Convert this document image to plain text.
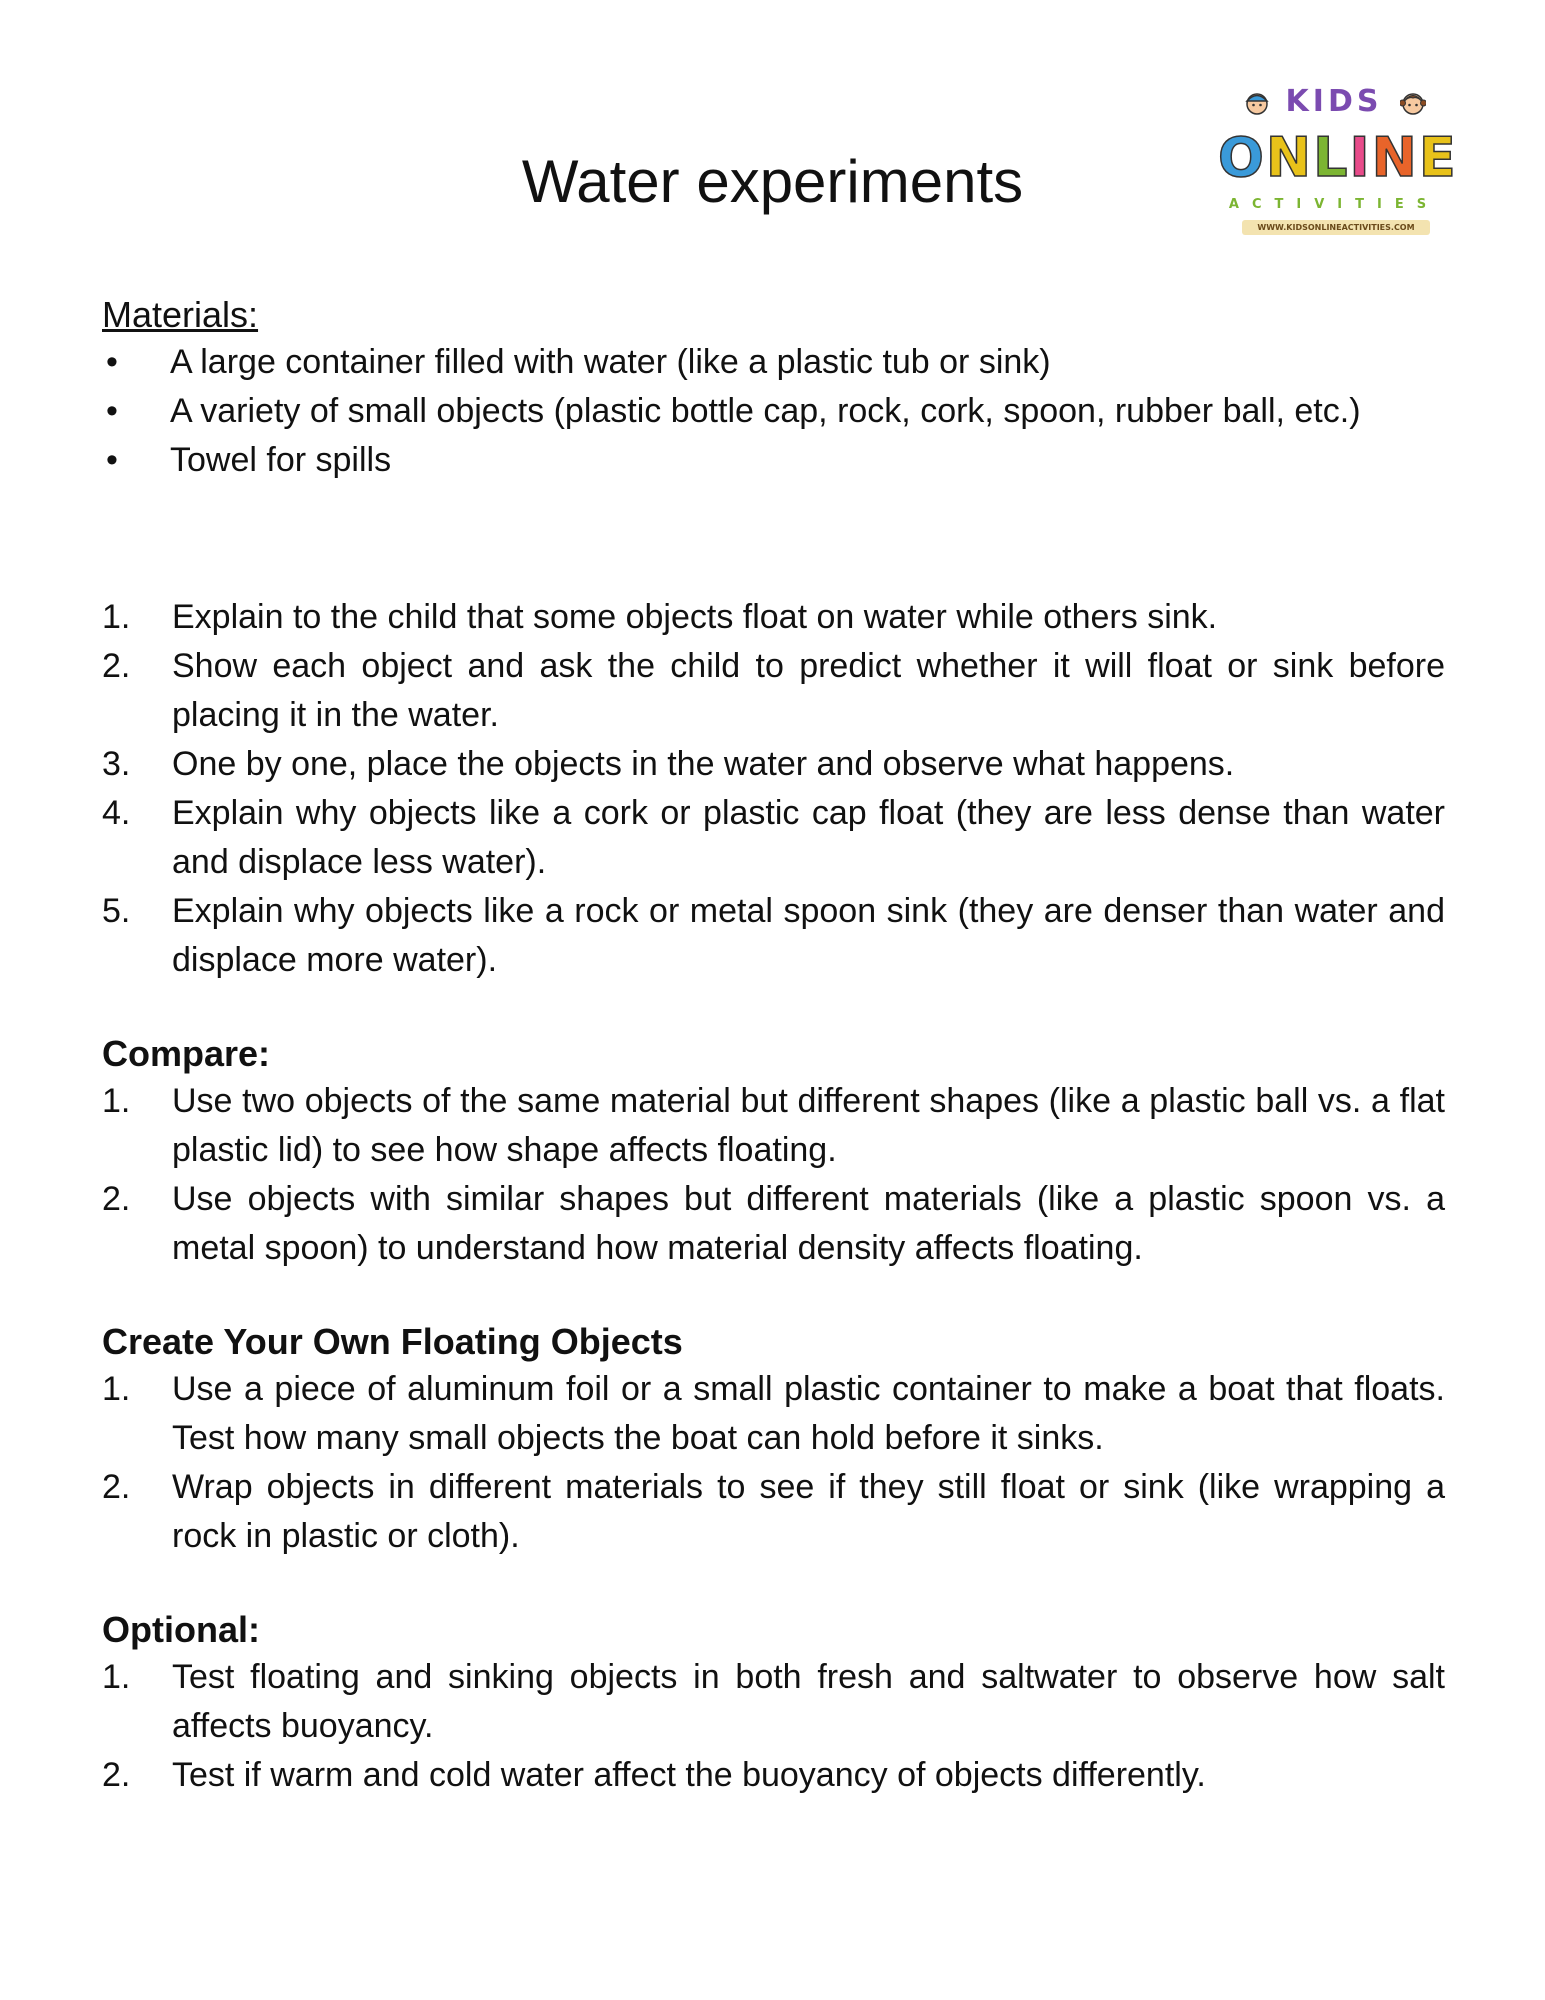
KIDS
ONLINE
ACTIVITIES
WWW.KIDSONLINEACTIVITIES.COM
Water experiments
Materials:
• A large container filled with water (like a plastic tub or sink)
• A variety of small objects (plastic bottle cap, rock, cork, spoon, rubber ball, etc.)
• Towel for spills
1. Explain to the child that some objects float on water while others sink.
2. Show each object and ask the child to predict whether it will float or sink before placing it in the water.
3. One by one, place the objects in the water and observe what happens.
4. Explain why objects like a cork or plastic cap float (they are less dense than water and displace less water).
5. Explain why objects like a rock or metal spoon sink (they are denser than water and displace more water).
Compare:
1. Use two objects of the same material but different shapes (like a plastic ball vs. a flat plastic lid) to see how shape affects floating.
2. Use objects with similar shapes but different materials (like a plastic spoon vs. a metal spoon) to understand how material density affects floating.
Create Your Own Floating Objects
1. Use a piece of aluminum foil or a small plastic container to make a boat that floats. Test how many small objects the boat can hold before it sinks.
2. Wrap objects in different materials to see if they still float or sink (like wrapping a rock in plastic or cloth).
Optional:
1. Test floating and sinking objects in both fresh and saltwater to observe how salt affects buoyancy.
2. Test if warm and cold water affect the buoyancy of objects differently.
